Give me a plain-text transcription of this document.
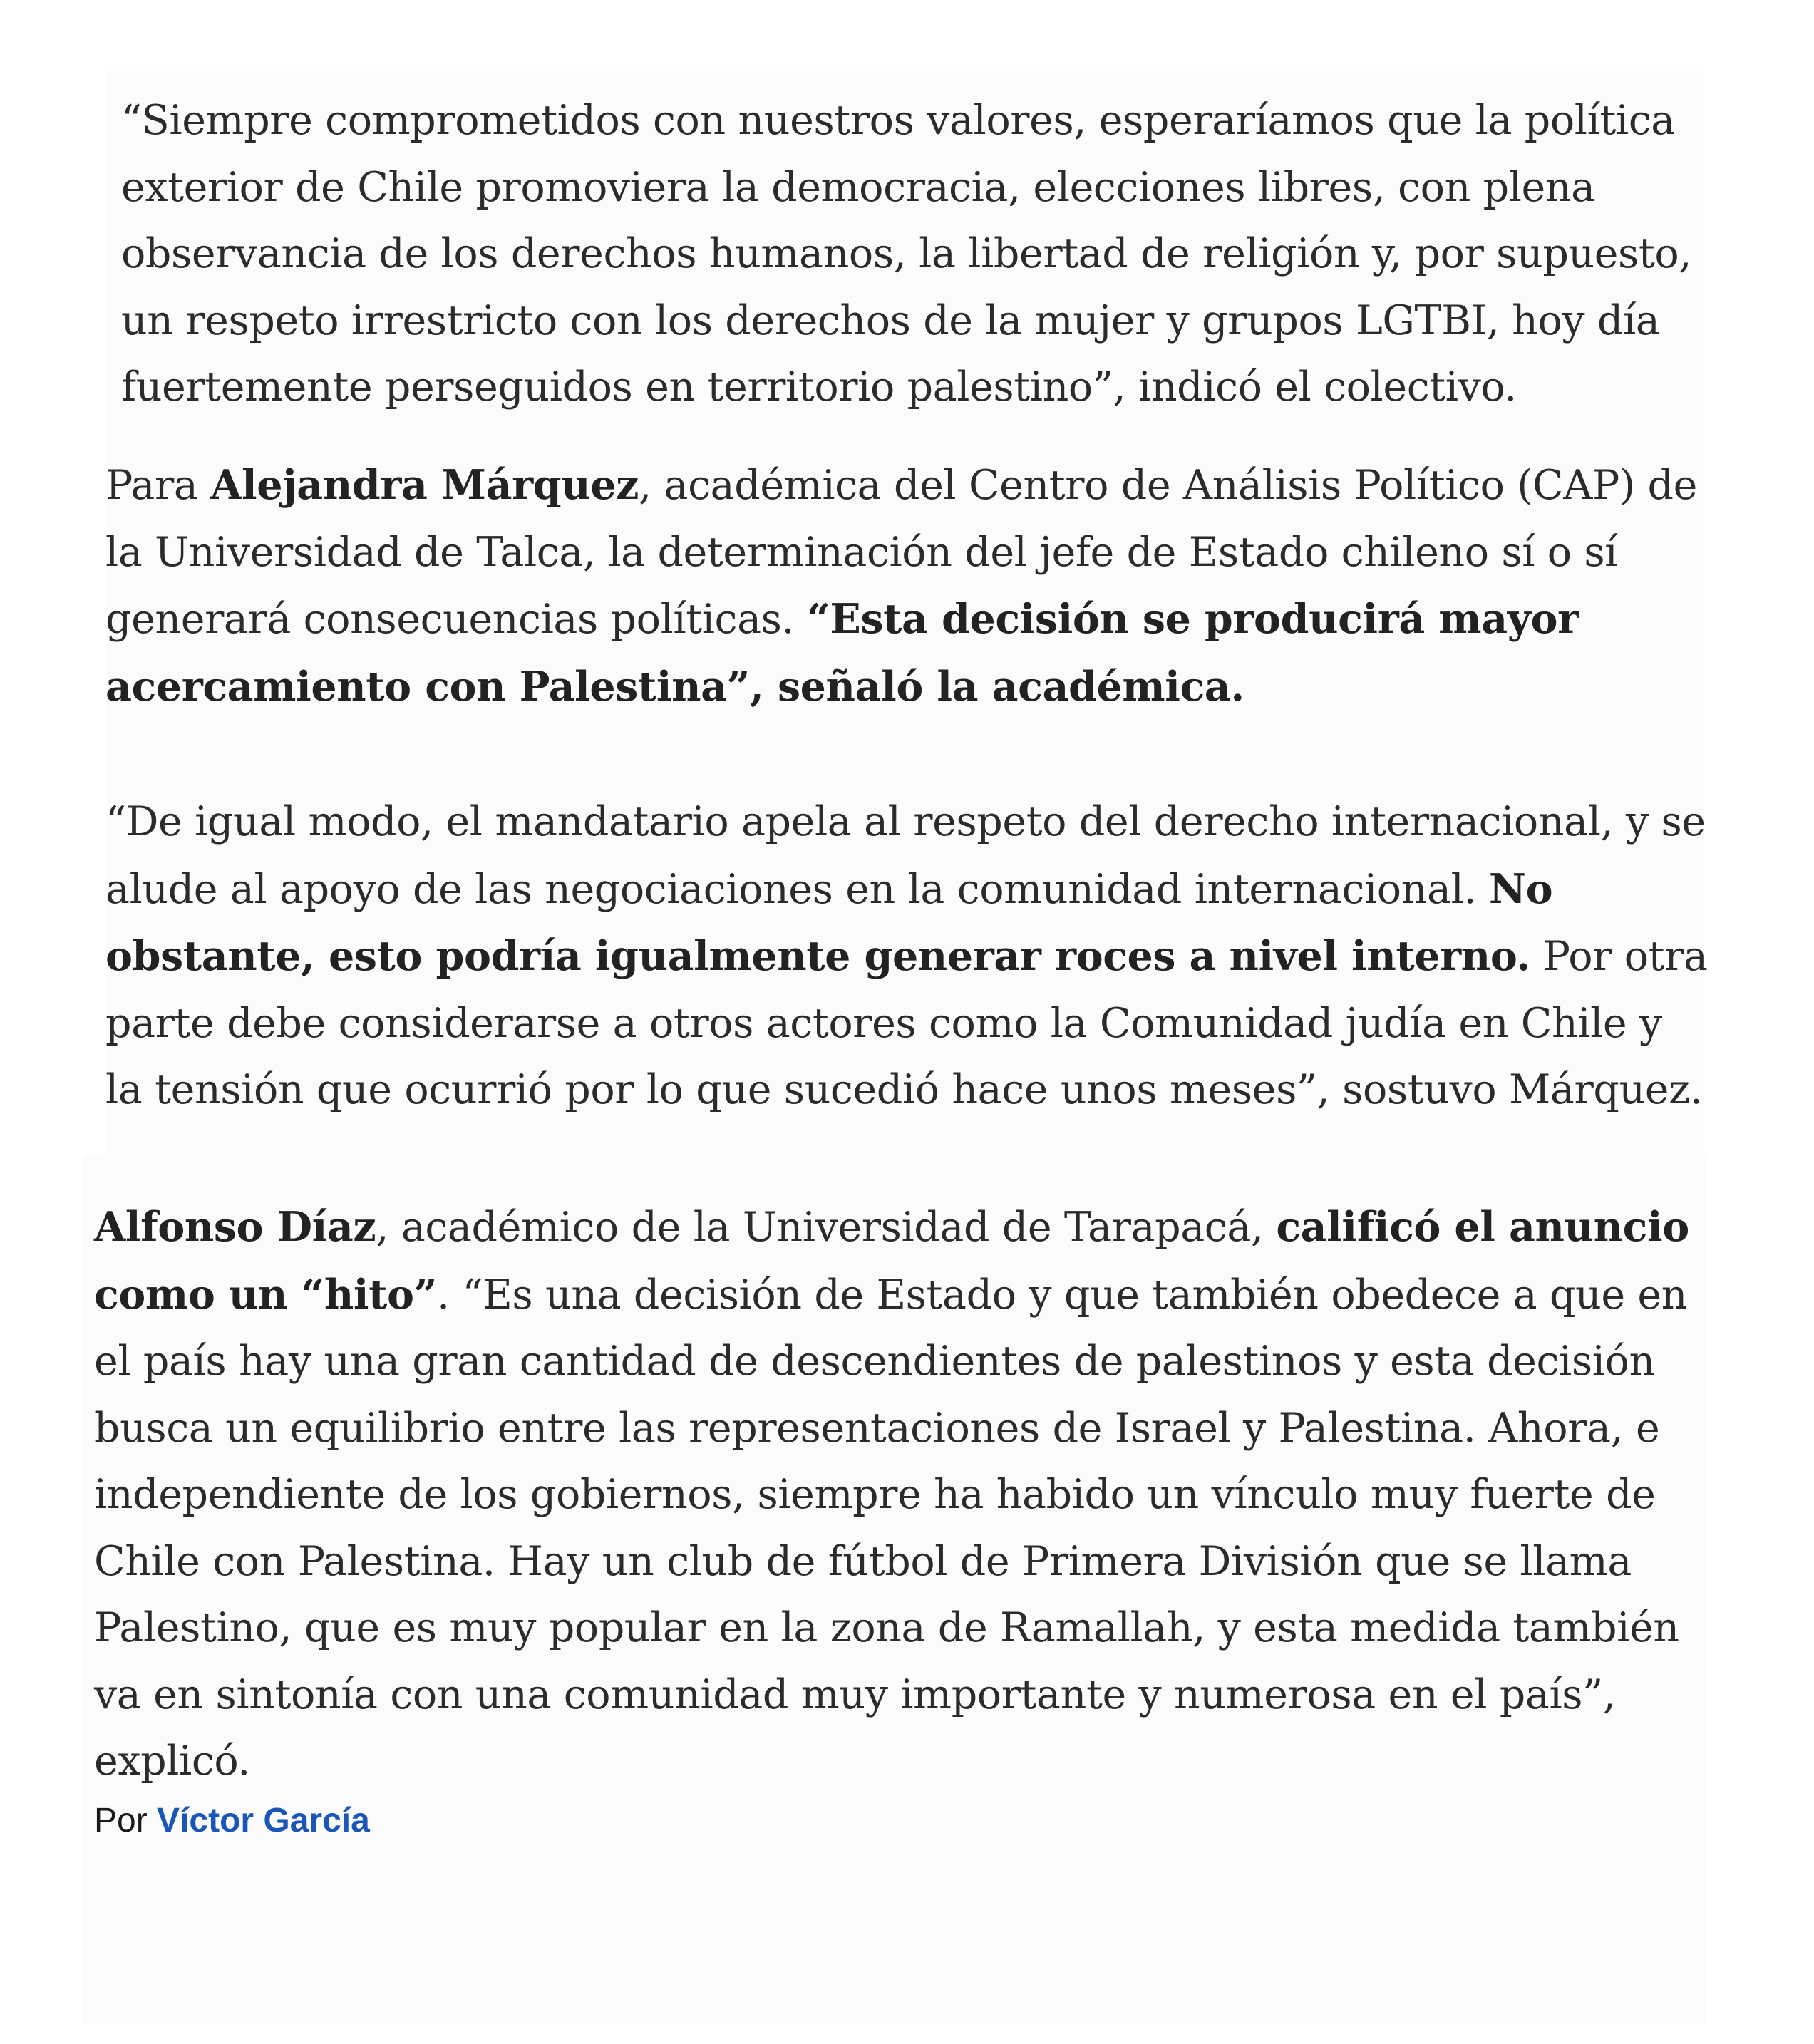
“Siempre comprometidos con nuestros valores, esperaríamos que la política exterior de Chile promoviera la democracia, elecciones libres, con plena observancia de los derechos humanos, la libertad de religión y, por supuesto, un respeto irrestricto con los derechos de la mujer y grupos LGTBI, hoy día fuertemente perseguidos en territorio palestino”, indicó el colectivo.

Para Alejandra Márquez, académica del Centro de Análisis Político (CAP) de la Universidad de Talca, la determinación del jefe de Estado chileno sí o sí generará consecuencias políticas. “Esta decisión se producirá mayor acercamiento con Palestina”, señaló la académica.

“De igual modo, el mandatario apela al respeto del derecho internacional, y se alude al apoyo de las negociaciones en la comunidad internacional. No obstante, esto podría igualmente generar roces a nivel interno. Por otra parte debe considerarse a otros actores como la Comunidad judía en Chile y la tensión que ocurrió por lo que sucedió hace unos meses”, sostuvo Márquez.

Alfonso Díaz, académico de la Universidad de Tarapacá, calificó el anuncio como un “hito”. “Es una decisión de Estado y que también obedece a que en el país hay una gran cantidad de descendientes de palestinos y esta decisión busca un equilibrio entre las representaciones de Israel y Palestina. Ahora, e independiente de los gobiernos, siempre ha habido un vínculo muy fuerte de Chile con Palestina. Hay un club de fútbol de Primera División que se llama Palestino, que es muy popular en la zona de Ramallah, y esta medida también va en sintonía con una comunidad muy importante y numerosa en el país”, explicó.

Por Víctor García
